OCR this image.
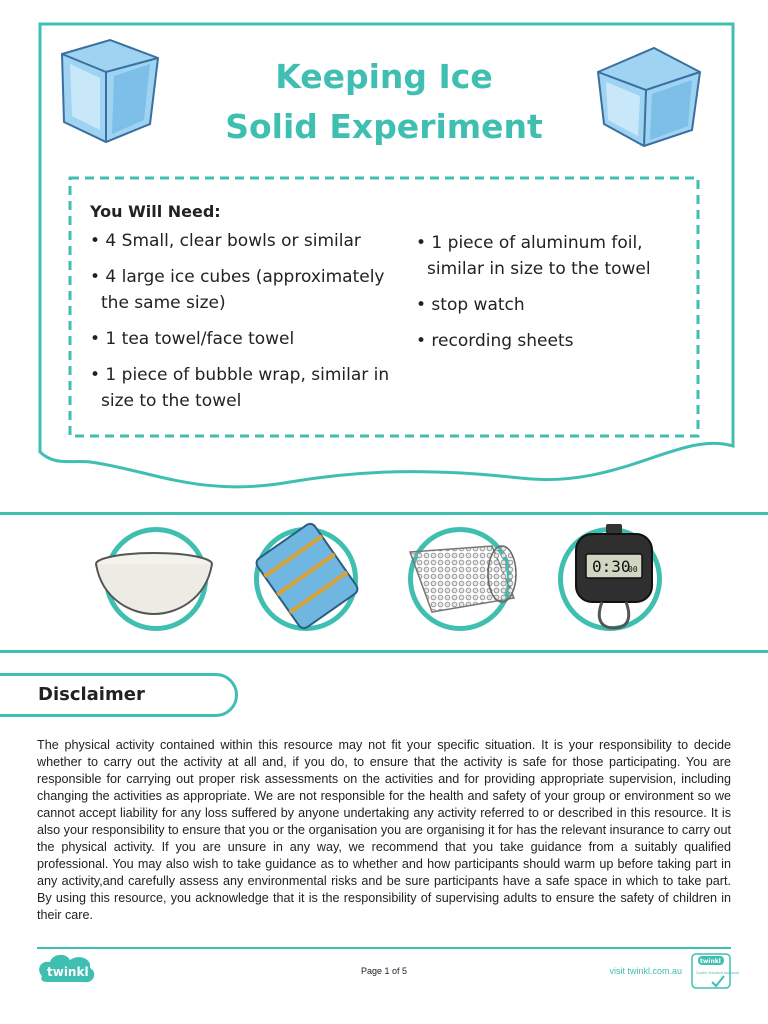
Keeping Ice
Solid Experiment
You Will Need:
• 4 Small, clear bowls or similar
• 4 large ice cubes (approximately the same size)
• 1 tea towel/face towel
• 1 piece of bubble wrap, similar in size to the towel
• 1 piece of aluminum foil, similar in size to the towel
• stop watch
• recording sheets
0:30
00
Disclaimer
The physical activity contained within this resource may not fit your specific situation. It is your responsibility to decide whether to carry out the activity at all and, if you do, to ensure that the activity is safe for those participating. You are responsible for carrying out proper risk assessments on the activities and for providing appropriate supervision, including changing the activities as appropriate. We are not responsible for the health and safety of your group or environment so we cannot accept liability for any loss suffered by anyone undertaking any activity referred to or described in this resource. It is also your responsibility to ensure that you or the organisation you are organising it for has the relevant insurance to carry out the physical activity. If you are unsure in any way, we recommend that you take guidance from a suitably qualified professional. You may also wish to take guidance as to whether and how participants should warm up before taking part in any activity,and carefully assess any environmental risks and be sure participants have a safe space in which to take part. By using this resource, you acknowledge that it is the responsibility of supervising adults to ensure the safety of children in their care.
twinkl	Page 1 of 5	visit twinkl.com.au
twinkl
Quality Standard Approved
